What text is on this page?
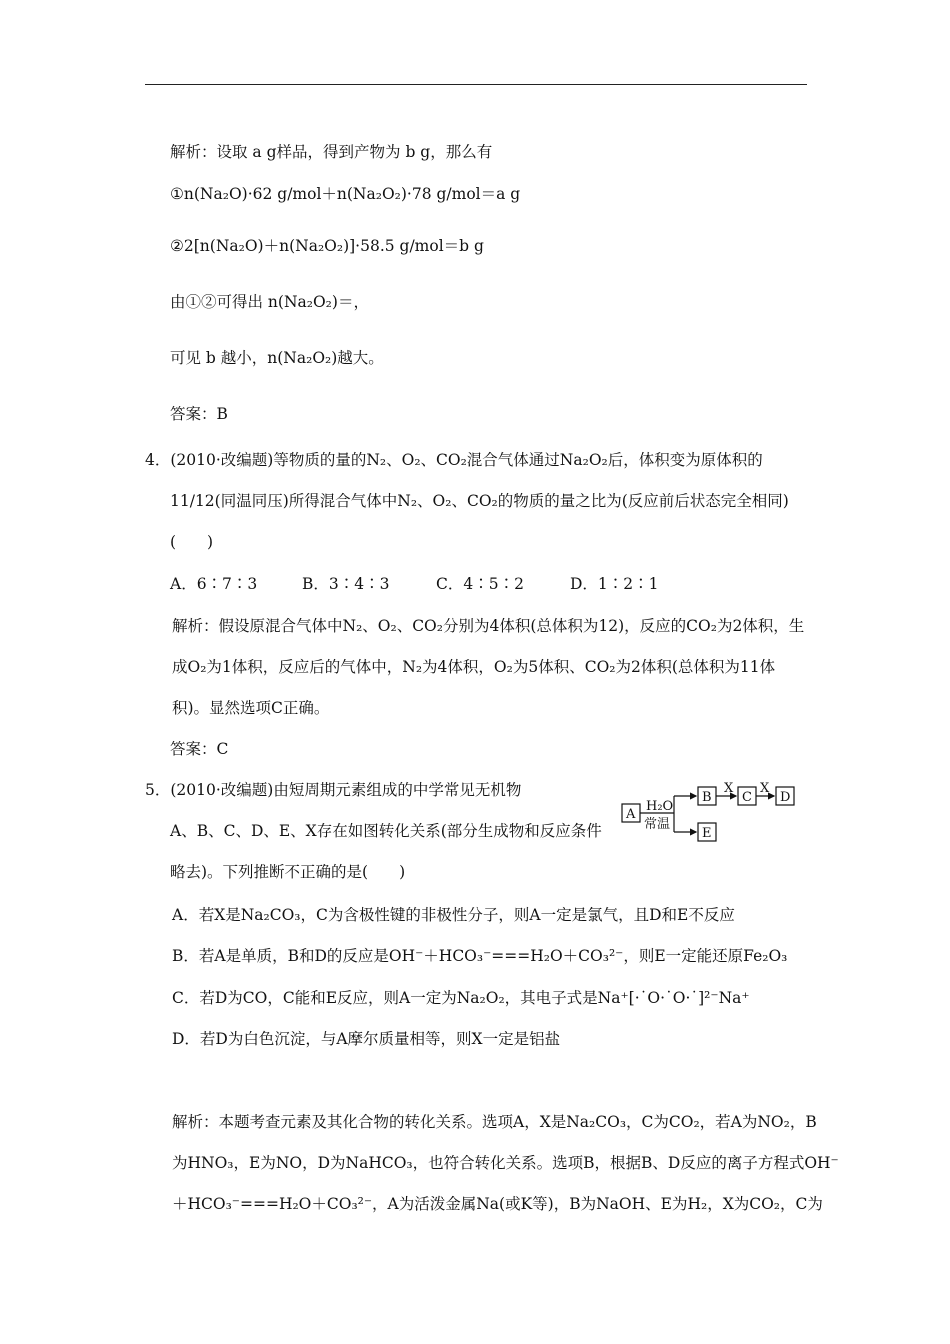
解析：设取 a g样品，得到产物为 b g，那么有
①n(Na₂O)·62 g/mol＋n(Na₂O₂)·78 g/mol＝a g
②2[n(Na₂O)＋n(Na₂O₂)]·58.5 g/mol＝b g
由①②可得出 n(Na₂O₂)＝，
可见 b 越小，n(Na₂O₂)越大。
答案：B
4．(2010·改编题)等物质的量的N₂、O₂、CO₂混合气体通过Na₂O₂后，体积变为原体积的
11/12(同温同压)所得混合气体中N₂、O₂、CO₂的物质的量之比为(反应前后状态完全相同)
(　　)
A．6∶7∶3	B．3∶4∶3	C．4∶5∶2	D．1∶2∶1
解析：假设原混合气体中N₂、O₂、CO₂分别为4体积(总体积为12)，反应的CO₂为2体积，生
成O₂为1体积，反应后的气体中，N₂为4体积，O₂为5体积、CO₂为2体积(总体积为11体
积)。显然选项C正确。
答案：C
5．(2010·改编题)由短周期元素组成的中学常见无机物
A、B、C、D、E、X存在如图转化关系(部分生成物和反应条件
略去)。下列推断不正确的是(　　)
A
H₂O
常温
B
X
C
X
D
E
A．若X是Na₂CO₃，C为含极性键的非极性分子，则A一定是氯气，且D和E不反应
B．若A是单质，B和D的反应是OH⁻＋HCO₃⁻===H₂O＋CO₃²⁻，则E一定能还原Fe₂O₃
C．若D为CO，C能和E反应，则A一定为Na₂O₂，其电子式是Na⁺[·˙O·˙O·˙]²⁻Na⁺
D．若D为白色沉淀，与A摩尔质量相等，则X一定是铝盐
解析：本题考查元素及其化合物的转化关系。选项A，X是Na₂CO₃，C为CO₂，若A为NO₂，B
为HNO₃，E为NO，D为NaHCO₃，也符合转化关系。选项B，根据B、D反应的离子方程式OH⁻
＋HCO₃⁻===H₂O＋CO₃²⁻，A为活泼金属Na(或K等)，B为NaOH、E为H₂，X为CO₂，C为
